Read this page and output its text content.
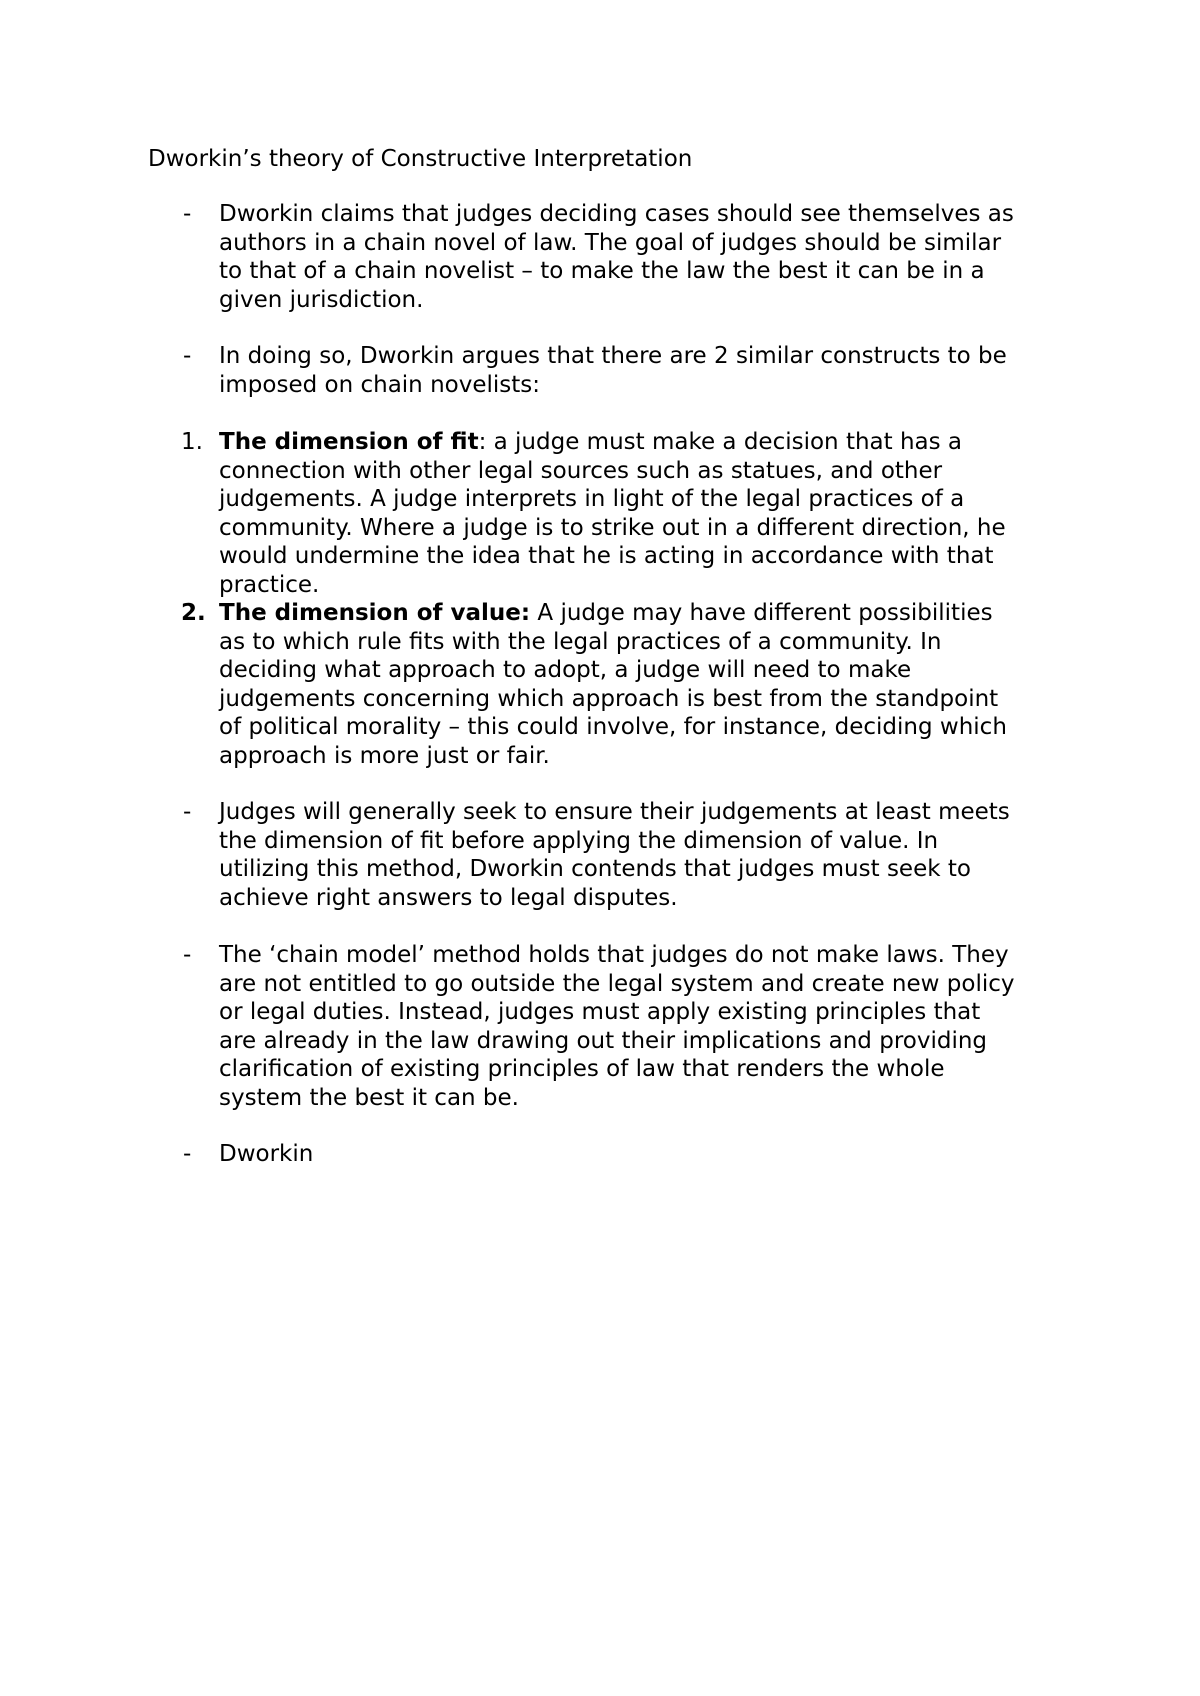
Dworkin’s theory of Constructive Interpretation
-	Dworkin claims that judges deciding cases should see themselves as
authors in a chain novel of law. The goal of judges should be similar
to that of a chain novelist – to make the law the best it can be in a
given jurisdiction.
-	In doing so, Dworkin argues that there are 2 similar constructs to be
imposed on chain novelists:
1. The dimension of fit: a judge must make a decision that has a
connection with other legal sources such as statues, and other
judgements. A judge interprets in light of the legal practices of a
community. Where a judge is to strike out in a different direction, he
would undermine the idea that he is acting in accordance with that
practice.
2. The dimension of value: A judge may have different possibilities
as to which rule fits with the legal practices of a community. In
deciding what approach to adopt, a judge will need to make
judgements concerning which approach is best from the standpoint
of political morality – this could involve, for instance, deciding which
approach is more just or fair.
-	Judges will generally seek to ensure their judgements at least meets
the dimension of fit before applying the dimension of value. In
utilizing this method, Dworkin contends that judges must seek to
achieve right answers to legal disputes.
-	The ‘chain model’ method holds that judges do not make laws. They
are not entitled to go outside the legal system and create new policy
or legal duties. Instead, judges must apply existing principles that
are already in the law drawing out their implications and providing
clarification of existing principles of law that renders the whole
system the best it can be.
-	Dworkin
